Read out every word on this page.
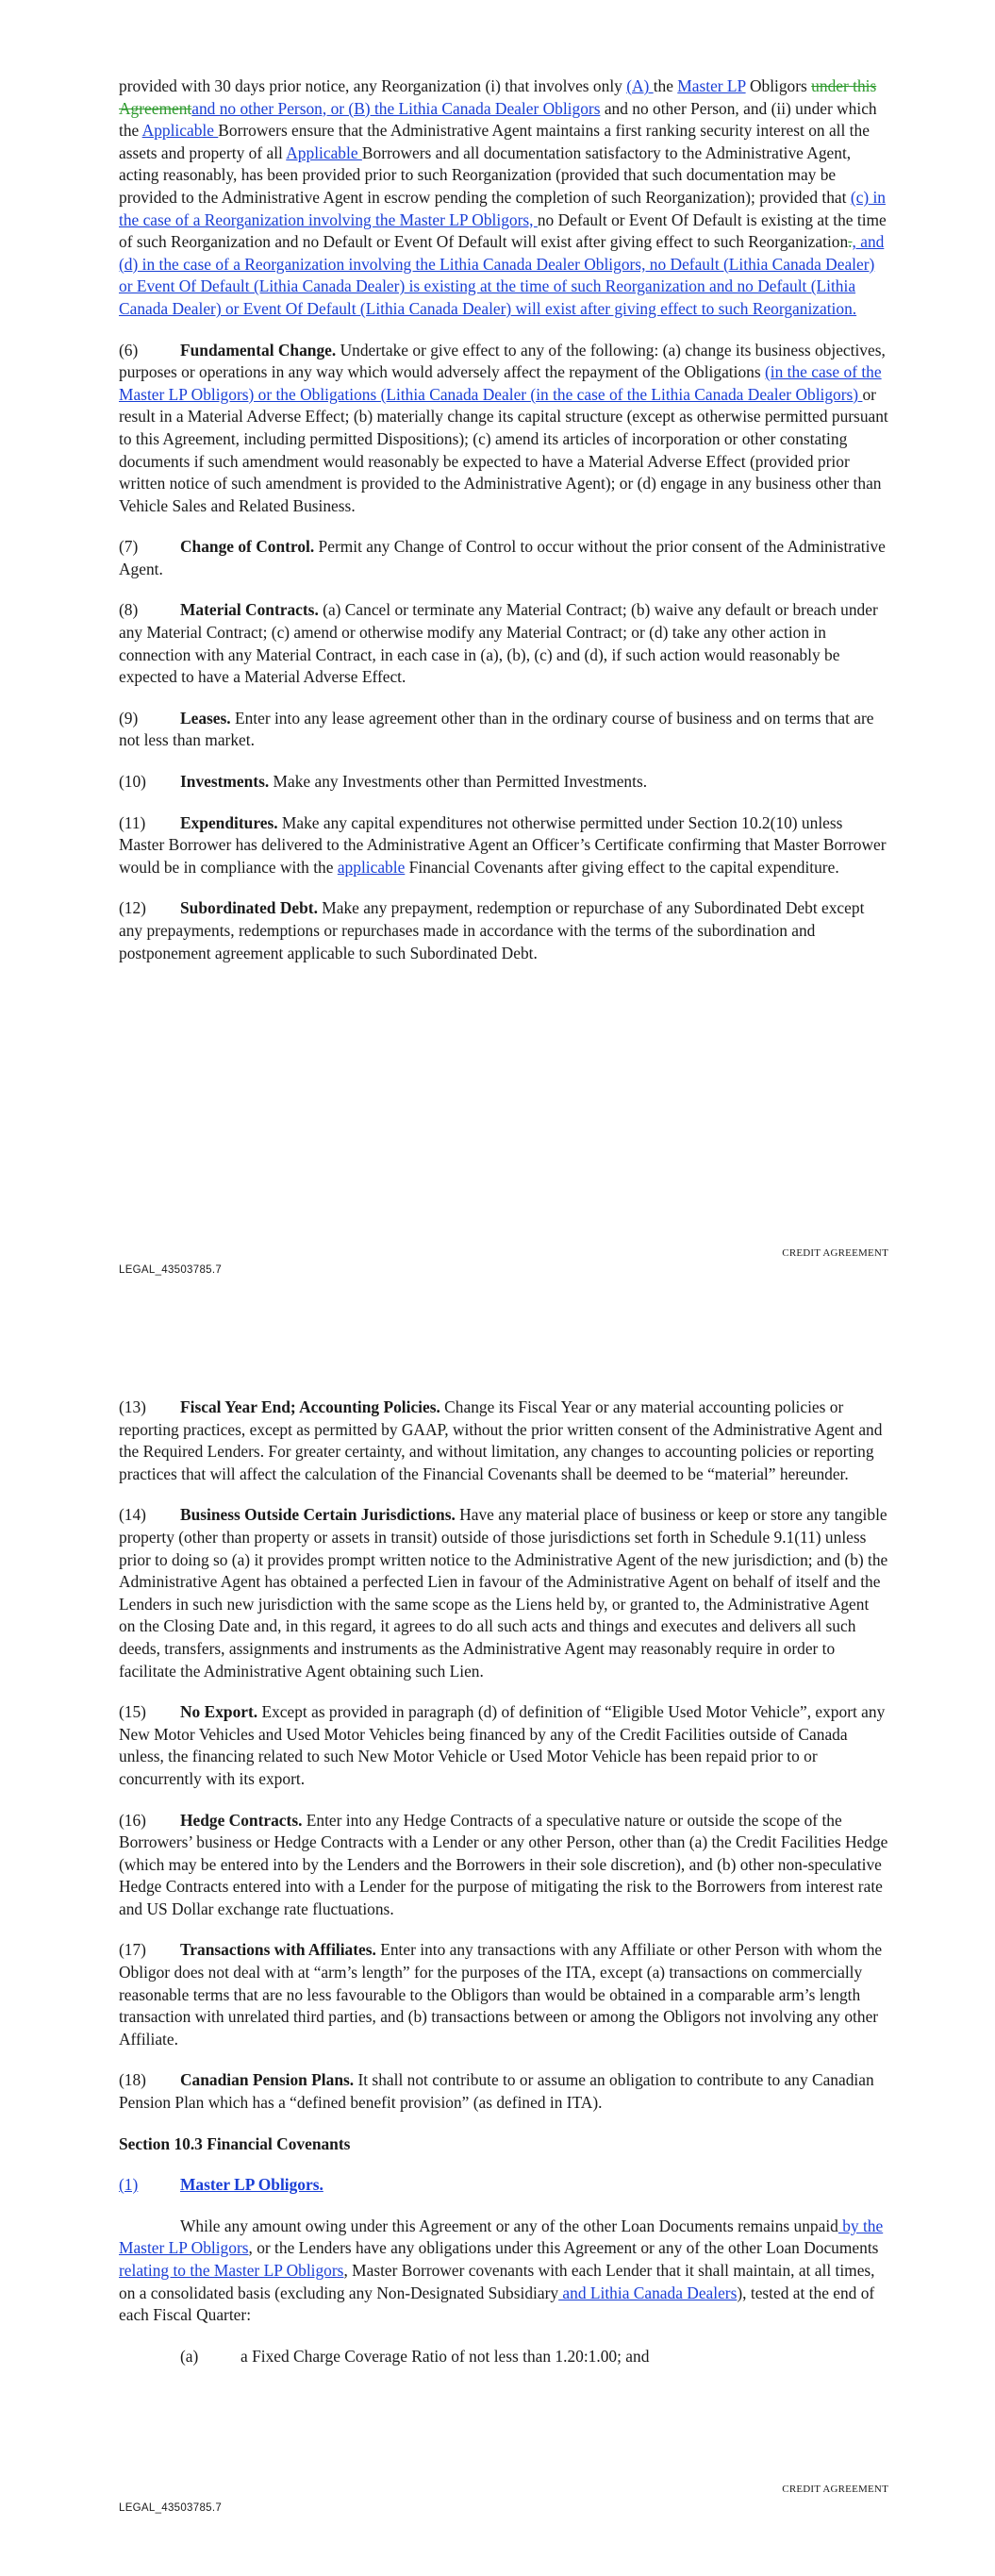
provided with 30 days prior notice, any Reorganization (i) that involves only (A) the Master LP Obligors under this Agreementand no other Person, or (B) the Lithia Canada Dealer Obligors and no other Person, and (ii) under which the Applicable Borrowers ensure that the Administrative Agent maintains a first ranking security interest on all the assets and property of all Applicable Borrowers and all documentation satisfactory to the Administrative Agent, acting reasonably, has been provided prior to such Reorganization (provided that such documentation may be provided to the Administrative Agent in escrow pending the completion of such Reorganization); provided that (c) in the case of a Reorganization involving the Master LP Obligors, no Default or Event Of Default is existing at the time of such Reorganization and no Default or Event Of Default will exist after giving effect to such Reorganization., and (d) in the case of a Reorganization involving the Lithia Canada Dealer Obligors, no Default (Lithia Canada Dealer) or Event Of Default (Lithia Canada Dealer) is existing at the time of such Reorganization and no Default (Lithia Canada Dealer) or Event Of Default (Lithia Canada Dealer) will exist after giving effect to such Reorganization.

(6)	Fundamental Change. Undertake or give effect to any of the following: (a) change its business objectives, purposes or operations in any way which would adversely affect the repayment of the Obligations (in the case of the Master LP Obligors) or the Obligations (Lithia Canada Dealer (in the case of the Lithia Canada Dealer Obligors) or result in a Material Adverse Effect; (b) materially change its capital structure (except as otherwise permitted pursuant to this Agreement, including permitted Dispositions); (c) amend its articles of incorporation or other constating documents if such amendment would reasonably be expected to have a Material Adverse Effect (provided prior written notice of such amendment is provided to the Administrative Agent); or (d) engage in any business other than Vehicle Sales and Related Business.

(7)	Change of Control. Permit any Change of Control to occur without the prior consent of the Administrative Agent.

(8)	Material Contracts. (a) Cancel or terminate any Material Contract; (b) waive any default or breach under any Material Contract; (c) amend or otherwise modify any Material Contract; or (d) take any other action in connection with any Material Contract, in each case in (a), (b), (c) and (d), if such action would reasonably be expected to have a Material Adverse Effect.

(9)	Leases. Enter into any lease agreement other than in the ordinary course of business and on terms that are not less than market.

(10) Investments. Make any Investments other than Permitted Investments.

(11) Expenditures. Make any capital expenditures not otherwise permitted under Section 10.2(10) unless Master Borrower has delivered to the Administrative Agent an Officer’s Certificate confirming that Master Borrower would be in compliance with the applicable Financial Covenants after giving effect to the capital expenditure.

(12) Subordinated Debt. Make any prepayment, redemption or repurchase of any Subordinated Debt except any prepayments, redemptions or repurchases made in accordance with the terms of the subordination and postponement agreement applicable to such Subordinated Debt.

CREDIT AGREEMENT
LEGAL_43503785.7

(13) Fiscal Year End; Accounting Policies. Change its Fiscal Year or any material accounting policies or reporting practices, except as permitted by GAAP, without the prior written consent of the Administrative Agent and the Required Lenders. For greater certainty, and without limitation, any changes to accounting policies or reporting practices that will affect the calculation of the Financial Covenants shall be deemed to be “material” hereunder.

(14) Business Outside Certain Jurisdictions. Have any material place of business or keep or store any tangible property (other than property or assets in transit) outside of those jurisdictions set forth in Schedule 9.1(11) unless prior to doing so (a) it provides prompt written notice to the Administrative Agent of the new jurisdiction; and (b) the Administrative Agent has obtained a perfected Lien in favour of the Administrative Agent on behalf of itself and the Lenders in such new jurisdiction with the same scope as the Liens held by, or granted to, the Administrative Agent on the Closing Date and, in this regard, it agrees to do all such acts and things and executes and delivers all such deeds, transfers, assignments and instruments as the Administrative Agent may reasonably require in order to facilitate the Administrative Agent obtaining such Lien.

(15) No Export. Except as provided in paragraph (d) of definition of “Eligible Used Motor Vehicle”, export any New Motor Vehicles and Used Motor Vehicles being financed by any of the Credit Facilities outside of Canada unless, the financing related to such New Motor Vehicle or Used Motor Vehicle has been repaid prior to or concurrently with its export.

(16) Hedge Contracts. Enter into any Hedge Contracts of a speculative nature or outside the scope of the Borrowers’ business or Hedge Contracts with a Lender or any other Person, other than (a) the Credit Facilities Hedge (which may be entered into by the Lenders and the Borrowers in their sole discretion), and (b) other non-speculative Hedge Contracts entered into with a Lender for the purpose of mitigating the risk to the Borrowers from interest rate and US Dollar exchange rate fluctuations.

(17) Transactions with Affiliates. Enter into any transactions with any Affiliate or other Person with whom the Obligor does not deal with at “arm’s length” for the purposes of the ITA, except (a) transactions on commercially reasonable terms that are no less favourable to the Obligors than would be obtained in a comparable arm’s length transaction with unrelated third parties, and (b) transactions between or among the Obligors not involving any other Affiliate.

(18) Canadian Pension Plans. It shall not contribute to or assume an obligation to contribute to any Canadian Pension Plan which has a “defined benefit provision” (as defined in ITA).

Section 10.3 Financial Covenants

(1)	Master LP Obligors.

While any amount owing under this Agreement or any of the other Loan Documents remains unpaid by the Master LP Obligors, or the Lenders have any obligations under this Agreement or any of the other Loan Documents relating to the Master LP Obligors, Master Borrower covenants with each Lender that it shall maintain, at all times, on a consolidated basis (excluding any Non-Designated Subsidiary and Lithia Canada Dealers), tested at the end of each Fiscal Quarter:

(a)	a Fixed Charge Coverage Ratio of not less than 1.20:1.00; and

CREDIT AGREEMENT
LEGAL_43503785.7
